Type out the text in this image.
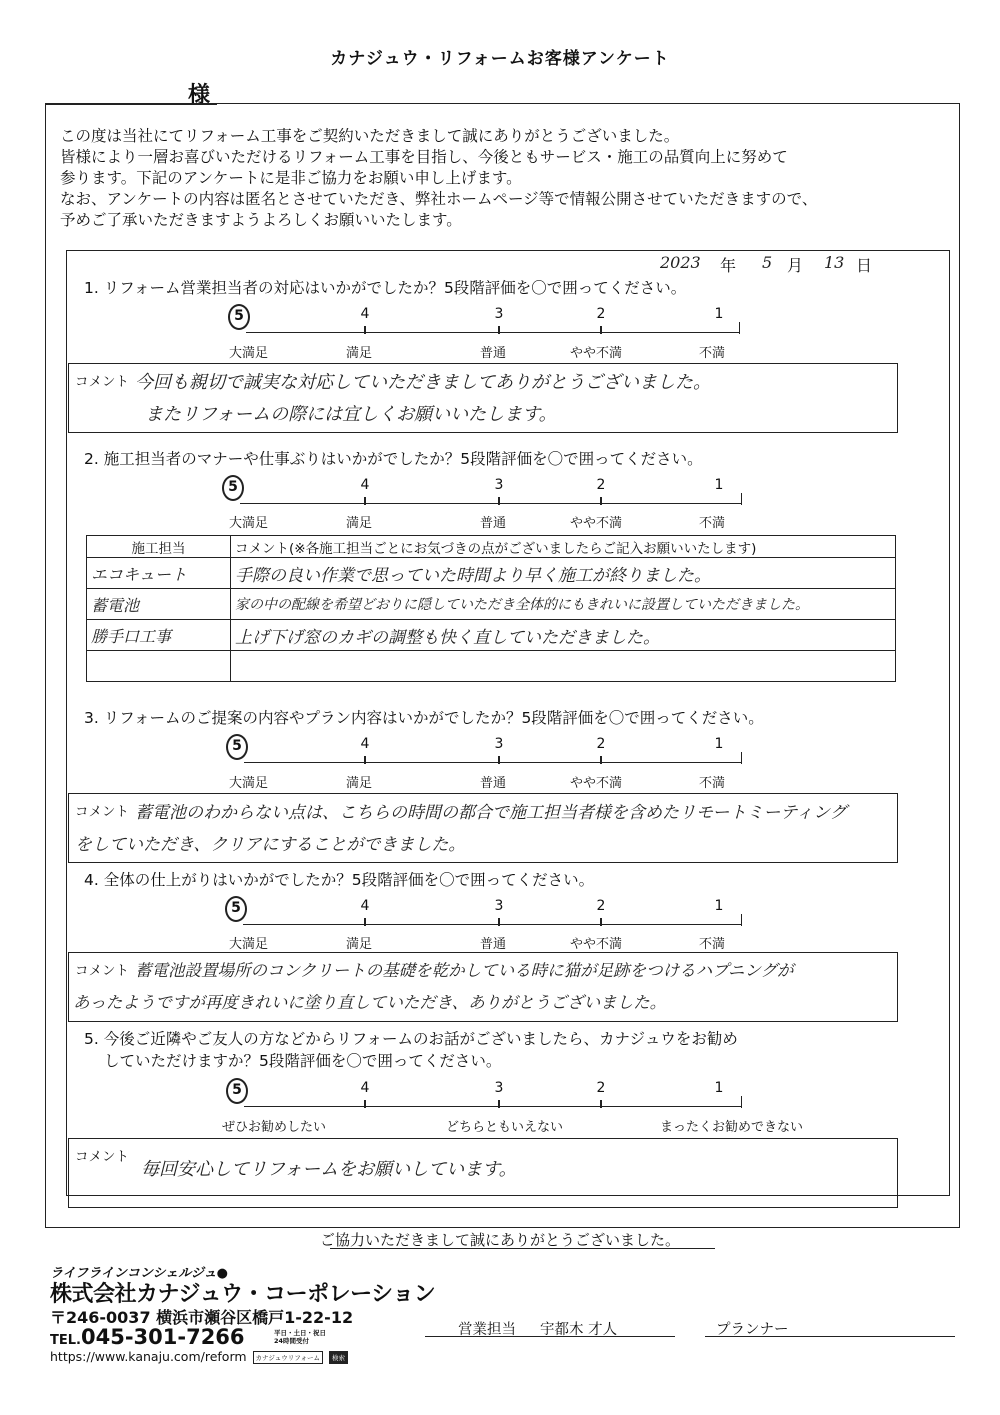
カナジュウ・リフォームお客様アンケート
様
この度は当社にてリフォーム工事をご契約いただきまして誠にありがとうございました。
皆様により一層お喜びいただけるリフォーム工事を目指し、今後ともサービス・施工の品質向上に努めて
参ります。下記のアンケートに是非ご協力をお願い申し上げます。
なお、アンケートの内容は匿名とさせていただき、弊社ホームページ等で情報公開させていただきますので、
予めご了承いただきますようよろしくお願いいたします。
2023 年 5 月 13 日
1. リフォーム営業担当者の対応はいかがでしたか？5段階評価を〇で囲ってください。
5	4	3	2	1
大満足	満足	普通	やや不満	不満
コメント 今回も親切で誠実な対応していただきましてありがとうございました。
またリフォームの際には宜しくお願いいたします。
2. 施工担当者のマナーや仕事ぶりはいかがでしたか？5段階評価を〇で囲ってください。
5	4	3	2	1
大満足	満足	普通	やや不満	不満
施工担当	コメント(※各施工担当ごとにお気づきの点がございましたらご記入お願いいたします)
エコキュート	手際の良い作業で思っていた時間より早く施工が終りました。
蓄電池	家の中の配線を希望どおりに隠していただき全体的にもきれいに設置していただきました。
勝手口工事	上げ下げ窓のカギの調整も快く直していただきました。

3. リフォームのご提案の内容やプラン内容はいかがでしたか？5段階評価を〇で囲ってください。
5	4	3	2	1
大満足	満足	普通	やや不満	不満
コメント 蓄電池のわからない点は、こちらの時間の都合で施工担当者様を含めたリモートミーティング
をしていただき、クリアにすることができました。
4. 全体の仕上がりはいかがでしたか？5段階評価を〇で囲ってください。
5	4	3	2	1
大満足	満足	普通	やや不満	不満
コメント 蓄電池設置場所のコンクリートの基礎を乾かしている時に猫が足跡をつけるハプニングが
あったようですが再度きれいに塗り直していただき、ありがとうございました。
5. 今後ご近隣やご友人の方などからリフォームのお話がございましたら、カナジュウをお勧め
していただけますか？5段階評価を〇で囲ってください。
5	4	3	2	1
ぜひお勧めしたい	どちらともいえない	まったくお勧めできない
コメント
毎回安心してリフォームをお願いしています。
ご協力いただきまして誠にありがとうございました。
ライフラインコンシェルジュ●
株式会社カナジュウ・コーポレーション
〒246-0037 横浜市瀬谷区橋戸1-22-12
TEL.045-301-7266	平日・土日・祝日
24時間受付
https://www.kanaju.com/reform カナジュウリフォーム 検索
営業担当 宇都木 才人	プランナー
